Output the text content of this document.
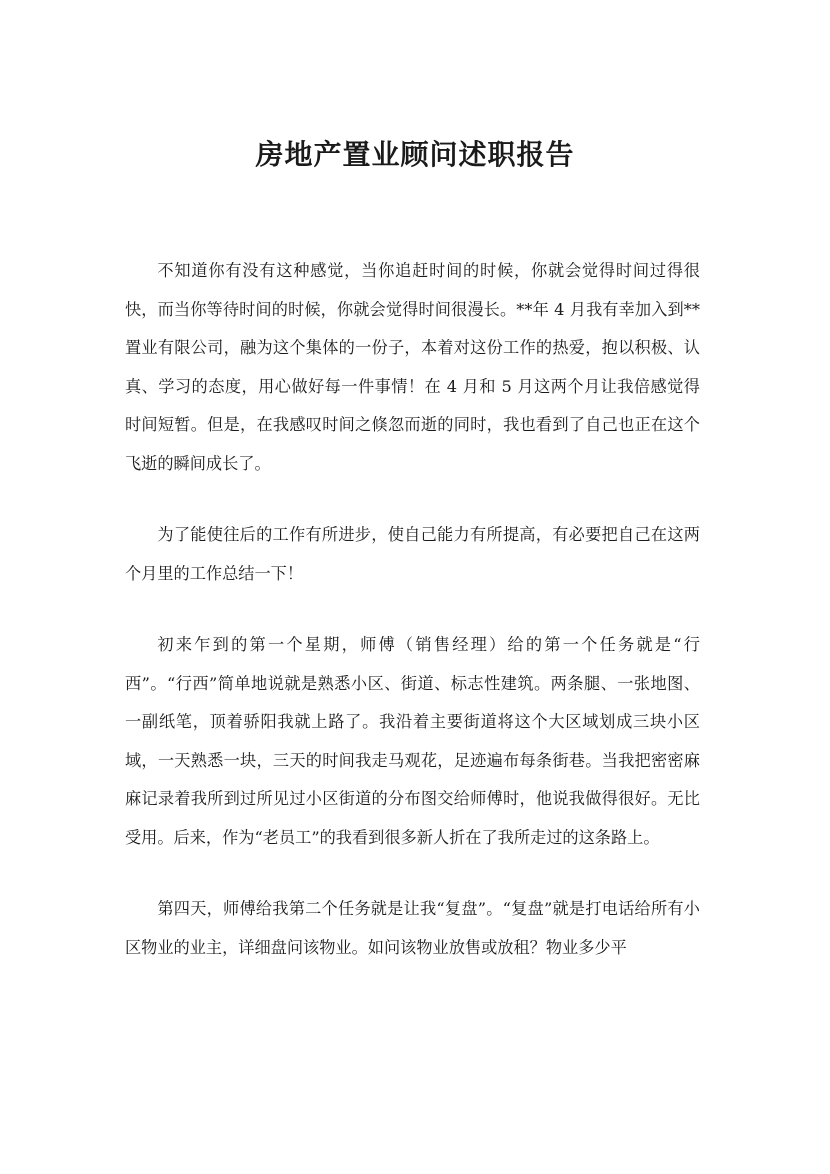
房地产置业顾问述职报告

不知道你有没有这种感觉，当你追赶时间的时候，你就会觉得时间过得很快，而当你等待时间的时候，你就会觉得时间很漫长。**年 4 月我有幸加入到**置业有限公司，融为这个集体的一份子，本着对这份工作的热爱，抱以积极、认真、学习的态度，用心做好每一件事情！在 4 月和 5 月这两个月让我倍感觉得时间短暂。但是，在我感叹时间之倏忽而逝的同时，我也看到了自己也正在这个飞逝的瞬间成长了。

为了能使往后的工作有所进步，使自己能力有所提高，有必要把自己在这两个月里的工作总结一下！

初来乍到的第一个星期，师傅（销售经理）给的第一个任务就是“行西”。“行西”简单地说就是熟悉小区、街道、标志性建筑。两条腿、一张地图、一副纸笔，顶着骄阳我就上路了。我沿着主要街道将这个大区域划成三块小区域，一天熟悉一块，三天的时间我走马观花，足迹遍布每条街巷。当我把密密麻麻记录着我所到过所见过小区街道的分布图交给师傅时，他说我做得很好。无比受用。后来，作为“老员工”的我看到很多新人折在了我所走过的这条路上。

第四天，师傅给我第二个任务就是让我“复盘”。“复盘”就是打电话给所有小区物业的业主，详细盘问该物业。如问该物业放售或放租？物业多少平
